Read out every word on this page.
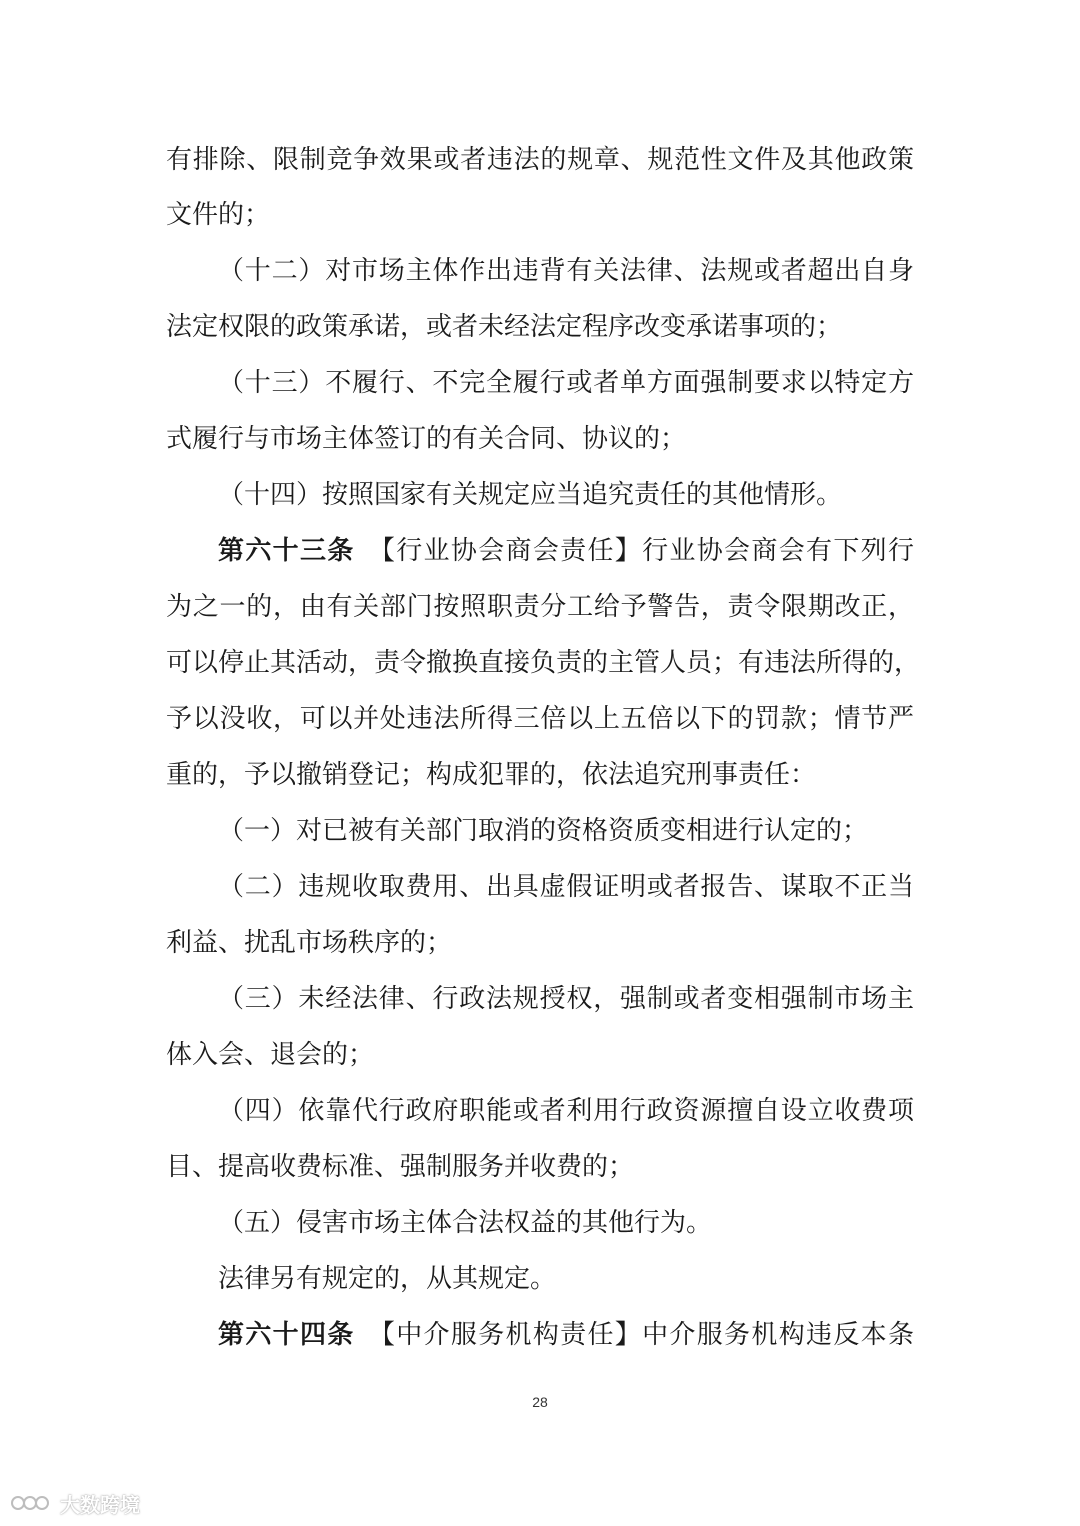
有排除、限制竞争效果或者违法的规章、规范性文件及其他政策
文件的；
（十二）对市场主体作出违背有关法律、法规或者超出自身
法定权限的政策承诺，或者未经法定程序改变承诺事项的；
（十三）不履行、不完全履行或者单方面强制要求以特定方
式履行与市场主体签订的有关合同、协议的；
（十四）按照国家有关规定应当追究责任的其他情形。
第六十三条　 【行业协会商会责任】行业协会商会有下列行
为之一的，由有关部门按照职责分工给予警告，责令限期改正，
可以停止其活动，责令撤换直接负责的主管人员；有违法所得的，
予以没收，可以并处违法所得三倍以上五倍以下的罚款；情节严
重的，予以撤销登记；构成犯罪的，依法追究刑事责任：
（一）对已被有关部门取消的资格资质变相进行认定的；
（二）违规收取费用、出具虚假证明或者报告、谋取不正当
利益、扰乱市场秩序的；
（三）未经法律、行政法规授权，强制或者变相强制市场主
体入会、退会的；
（四）依靠代行政府职能或者利用行政资源擅自设立收费项
目、提高收费标准、强制服务并收费的；
（五）侵害市场主体合法权益的其他行为。
法律另有规定的，从其规定。
第六十四条　 【中介服务机构责任】中介服务机构违反本条
28
大数跨境
